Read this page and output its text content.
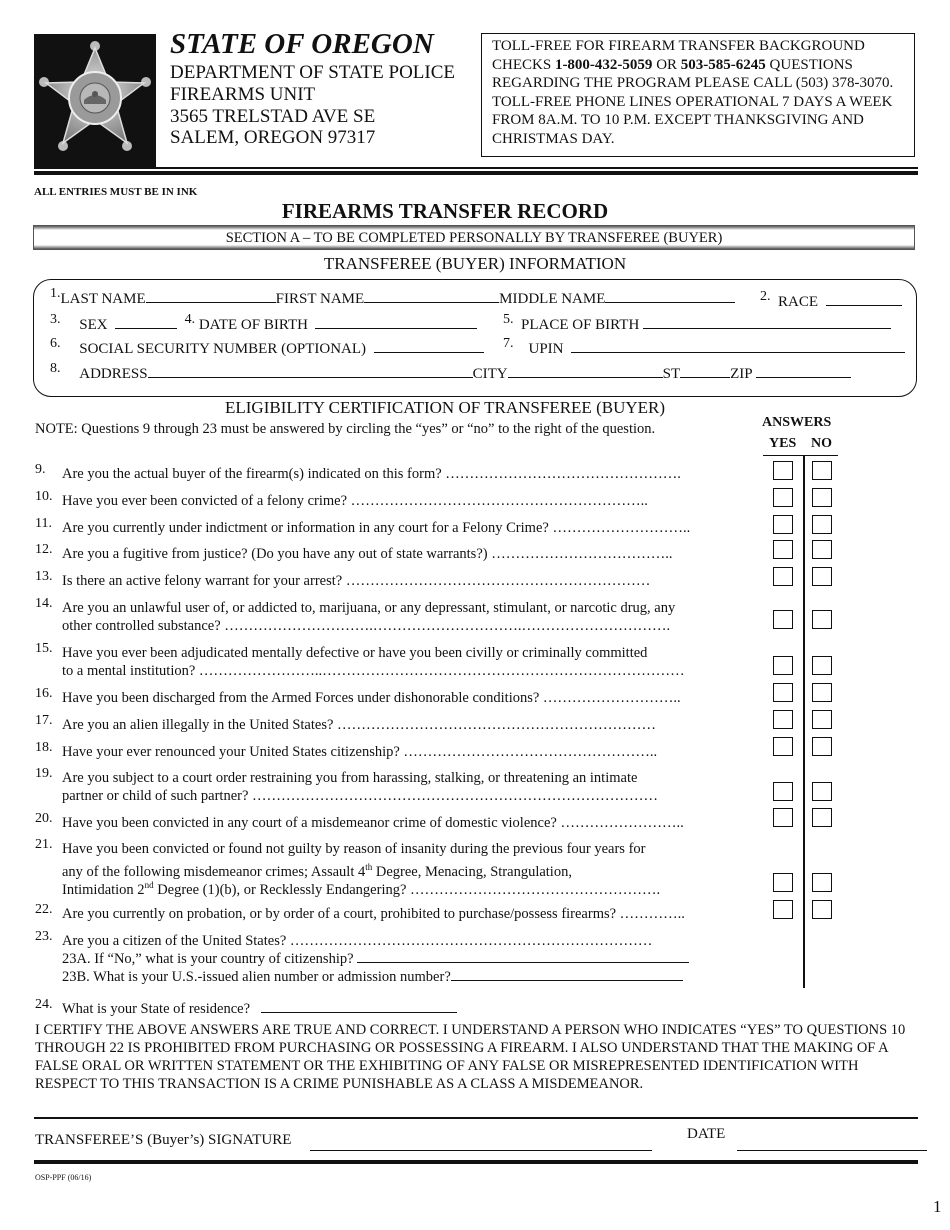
STATE OF OREGON
DEPARTMENT OF STATE POLICE
FIREARMS UNIT
3565 TRELSTAD AVE SE
SALEM, OREGON 97317
TOLL-FREE FOR FIREARM TRANSFER BACKGROUND CHECKS 1-800-432-5059 OR 503-585-6245 QUESTIONS REGARDING THE PROGRAM PLEASE CALL (503) 378-3070. TOLL-FREE PHONE LINES OPERATIONAL 7 DAYS A WEEK FROM 8A.M. TO 10 P.M. EXCEPT THANKSGIVING AND CHRISTMAS DAY.
ALL ENTRIES MUST BE IN INK
FIREARMS TRANSFER RECORD
SECTION A – TO BE COMPLETED PERSONALLY BY TRANSFEREE (BUYER)
TRANSFEREE (BUYER) INFORMATION
$^{1.}$LAST NAME	FIRST NAME	MIDDLE NAME	$^{2.}$ RACE
$^{3.}$ SEX	$^{4.}$ DATE OF BIRTH	$^{5.}$ PLACE OF BIRTH
$^{6.}$ SOCIAL SECURITY NUMBER (OPTIONAL)	$^{7.}$ UPIN
$^{8.}$ ADDRESS	CITY	ST	ZIP
ELIGIBILITY CERTIFICATION OF TRANSFEREE (BUYER)
NOTE: Questions 9 through 23 must be answered by circling the “yes” or “no” to the right of the question.	ANSWERS
YES NO
9. Are you the actual buyer of the firearm(s) indicated on this form? ………………………………………….
10. Have you ever been convicted of a felony crime? ……………………………………………………..
11. Are you currently under indictment or information in any court for a Felony Crime? ………………………..
12. Are you a fugitive from justice? (Do you have any out of state warrants?) ………………………………..
13. Is there an active felony warrant for your arrest? ………………………………………………………
14. Are you an unlawful user of, or addicted to, marijuana, or any depressant, stimulant, or narcotic drug, any
other controlled substance? ………………………….………………………….………………………….
15. Have you ever been adjudicated mentally defective or have you been civilly or criminally committed
to a mental institution? ……………………..…………………………………………………………………
16. Have you been discharged from the Armed Forces under dishonorable conditions? ………………………..
17. Are you an alien illegally in the United States? …………………………………………………………
18. Have your ever renounced your United States citizenship? ……………………………………………..
19. Are you subject to a court order restraining you from harassing, stalking, or threatening an intimate
partner or child of such partner? …………………………………………………………………………
20. Have you been convicted in any court of a misdemeanor crime of domestic violence? ……………………..
21. Have you been convicted or found not guilty by reason of insanity during the previous four years for
any of the following misdemeanor crimes; Assault 4th Degree, Menacing, Strangulation,
Intimidation 2nd Degree (1)(b), or Recklessly Endangering? …………………………………………….
22. Are you currently on probation, or by order of a court, prohibited to purchase/possess firearms? …………..
23. Are you a citizen of the United States? …………………………………………………………………
23A. If “No,” what is your country of citizenship?
23B. What is your U.S.-issued alien number or admission number?
24. What is your State of residence?
I CERTIFY THE ABOVE ANSWERS ARE TRUE AND CORRECT. I UNDERSTAND A PERSON WHO INDICATES “YES” TO QUESTIONS 10 THROUGH 22 IS PROHIBITED FROM PURCHASING OR POSSESSING A FIREARM. I ALSO UNDERSTAND THAT THE MAKING OF A FALSE ORAL OR WRITTEN STATEMENT OR THE EXHIBITING OF ANY FALSE OR MISREPRESENTED IDENTIFICATION WITH RESPECT TO THIS TRANSACTION IS A CRIME PUNISHABLE AS A CLASS A MISDEMEANOR.
TRANSFEREE’S (Buyer’s) SIGNATURE	DATE
OSP-PPF (06/16)
1
